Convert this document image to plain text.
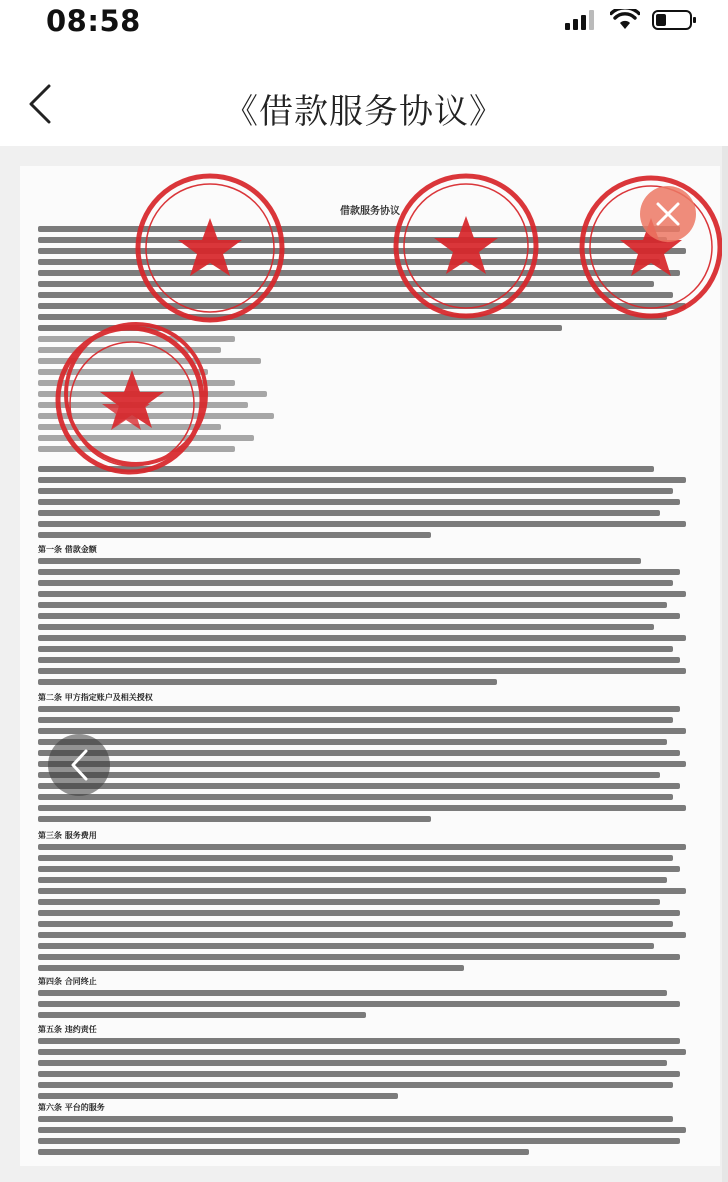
08:58
《借款服务协议》
借款服务协议
第一条 借款金额
第二条 甲方指定账户及相关授权
第三条 服务费用
第四条 合同终止
第五条 违约责任
第六条 平台的服务
